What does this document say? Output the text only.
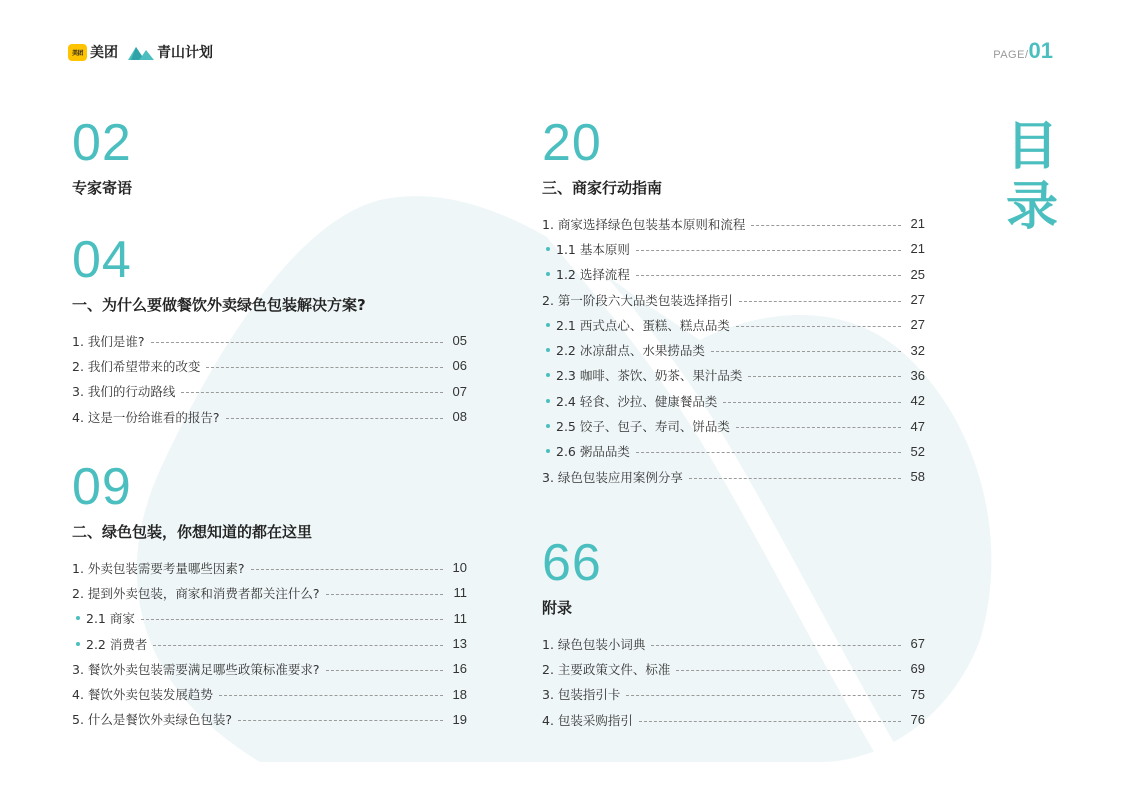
美团 美团	青山计划	PAGE/ 01
目
录
02
专家寄语
04
一、为什么要做餐饮外卖绿色包装解决方案?
1. 我们是谁?	05
2. 我们希望带来的改变	06
3. 我们的行动路线	07
4. 这是一份给谁看的报告?	08
09
二、绿色包装，你想知道的都在这里
1. 外卖包装需要考量哪些因素?	10
2. 提到外卖包装，商家和消费者都关注什么?	11
2.1 商家	11
2.2 消费者	13
3. 餐饮外卖包装需要满足哪些政策标准要求?	16
4. 餐饮外卖包装发展趋势	18
5. 什么是餐饮外卖绿色包装?	19
20
三、商家行动指南
1. 商家选择绿色包装基本原则和流程	21
1.1 基本原则	21
1.2 选择流程	25
2. 第一阶段六大品类包装选择指引	27
2.1 西式点心、蛋糕、糕点品类	27
2.2 冰凉甜点、水果捞品类	32
2.3 咖啡、茶饮、奶茶、果汁品类	36
2.4 轻食、沙拉、健康餐品类	42
2.5 饺子、包子、寿司、饼品类	47
2.6 粥品品类	52
3. 绿色包装应用案例分享	58
66
附录
1. 绿色包装小词典	67
2. 主要政策文件、标准	69
3. 包装指引卡	75
4. 包装采购指引	76
